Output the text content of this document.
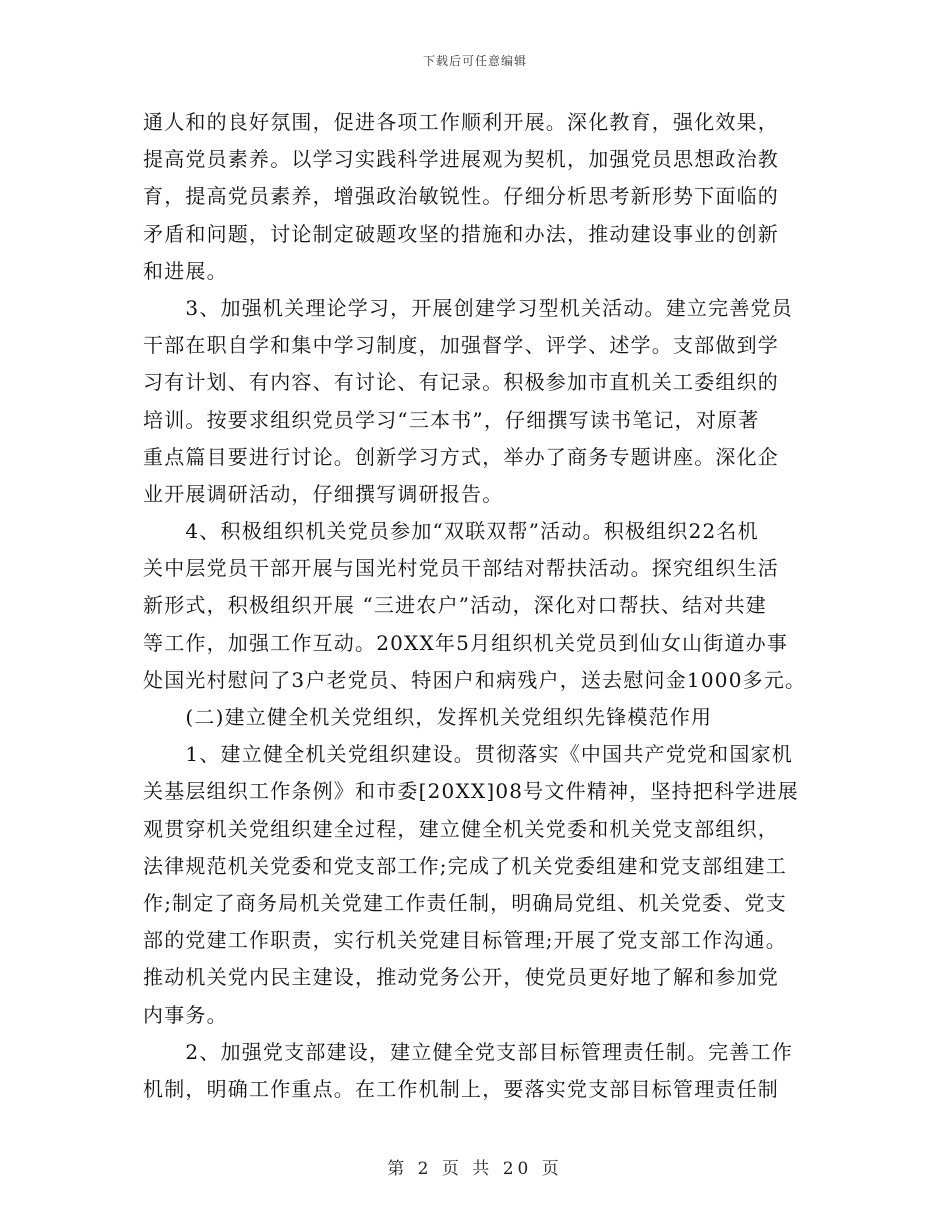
下载后可任意编辑
通人和的良好氛围，促进各项工作顺利开展。深化教育，强化效果，
提高党员素养。以学习实践科学进展观为契机，加强党员思想政治教
育，提高党员素养，增强政治敏锐性。仔细分析思考新形势下面临的
矛盾和问题，讨论制定破题攻坚的措施和办法，推动建设事业的创新
和进展。
　　3、加强机关理论学习，开展创建学习型机关活动。建立完善党员
干部在职自学和集中学习制度，加强督学、评学、述学。支部做到学
习有计划、有内容、有讨论、有记录。积极参加市直机关工委组织的
培训。按要求组织党员学习“三本书”，仔细撰写读书笔记，对原著
重点篇目要进行讨论。创新学习方式，举办了商务专题讲座。深化企
业开展调研活动，仔细撰写调研报告。
　　4、积极组织机关党员参加“双联双帮”活动。积极组织22名机
关中层党员干部开展与国光村党员干部结对帮扶活动。探究组织生活
新形式，积极组织开展 “三进农户”活动，深化对口帮扶、结对共建
等工作，加强工作互动。20XX年5月组织机关党员到仙女山街道办事
处国光村慰问了3户老党员、特困户和病残户，送去慰问金1000多元。
　　(二)建立健全机关党组织，发挥机关党组织先锋模范作用
　　1、建立健全机关党组织建设。贯彻落实《中国共产党党和国家机
关基层组织工作条例》和市委[20XX]08号文件精神，坚持把科学进展
观贯穿机关党组织建全过程，建立健全机关党委和机关党支部组织，
法律规范机关党委和党支部工作;完成了机关党委组建和党支部组建工
作;制定了商务局机关党建工作责任制，明确局党组、机关党委、党支
部的党建工作职责，实行机关党建目标管理;开展了党支部工作沟通。
推动机关党内民主建设，推动党务公开，使党员更好地了解和参加党
内事务。
　　2、加强党支部建设，建立健全党支部目标管理责任制。完善工作
机制，明确工作重点。在工作机制上，要落实党支部目标管理责任制
第 2 页 共 20 页
